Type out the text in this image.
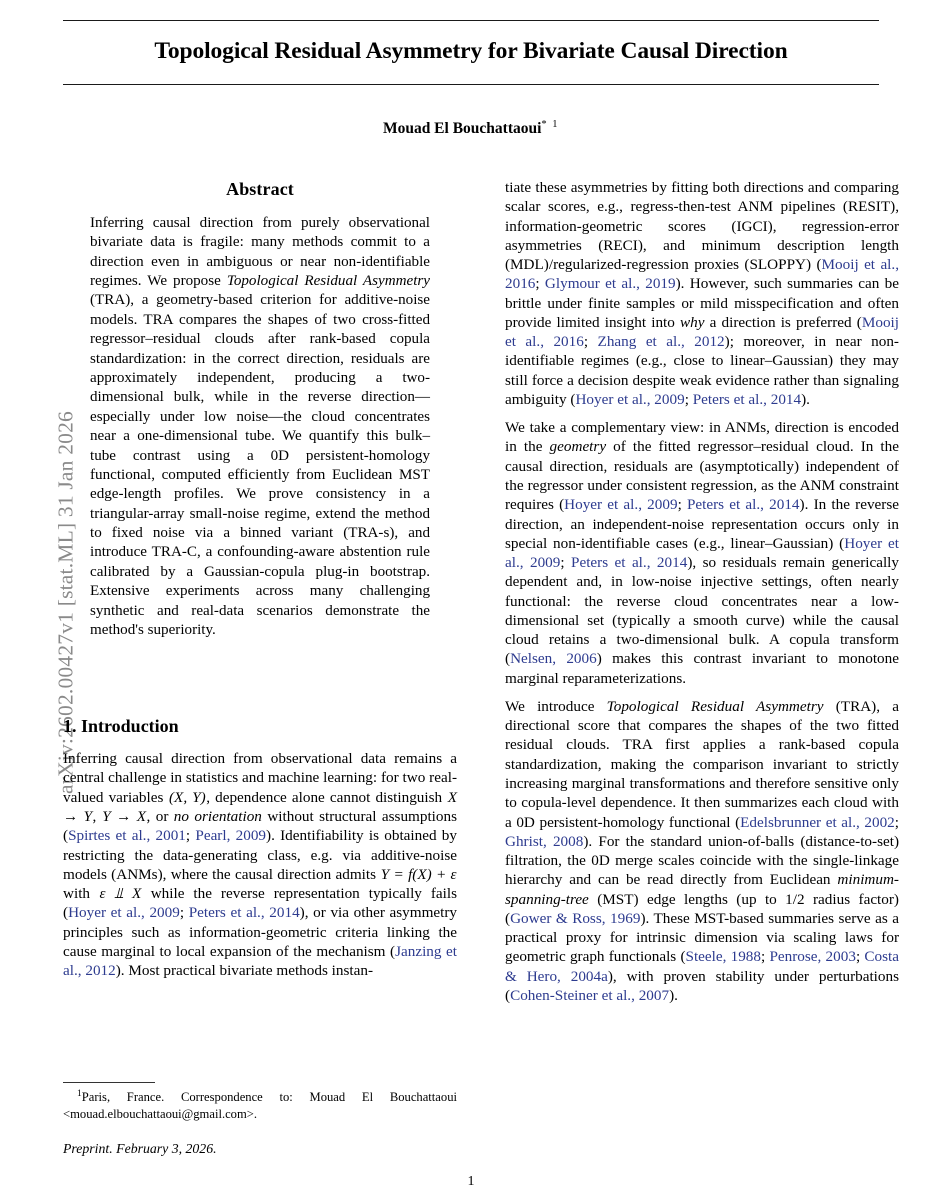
arXiv:2602.00427v1 [stat.ML] 31 Jan 2026
Topological Residual Asymmetry for Bivariate Causal Direction
Mouad El Bouchattaoui$^{* 1}$
Abstract

Inferring causal direction from purely observational bivariate data is fragile: many methods commit to a direction even in ambiguous or near non-identifiable regimes. We propose Topological Residual Asymmetry (TRA), a geometry-based criterion for additive-noise models. TRA compares the shapes of two cross-fitted regressor–residual clouds after rank-based copula standardization: in the correct direction, residuals are approximately independent, producing a two-dimensional bulk, while in the reverse direction—especially under low noise—the cloud concentrates near a one-dimensional tube. We quantify this bulk–tube contrast using a 0D persistent-homology functional, computed efficiently from Euclidean MST edge-length profiles. We prove consistency in a triangular-array small-noise regime, extend the method to fixed noise via a binned variant (TRA-s), and introduce TRA-C, a confounding-aware abstention rule calibrated by a Gaussian-copula plug-in bootstrap. Extensive experiments across many challenging synthetic and real-data scenarios demonstrate the method's superiority.

1. Introduction

Inferring causal direction from observational data remains a central challenge in statistics and machine learning: for two real-valued variables (X, Y), dependence alone cannot distinguish X → Y, Y → X, or no orientation without structural assumptions (Spirtes et al., 2001; Pearl, 2009). Identifiability is obtained by restricting the data-generating class, e.g. via additive-noise models (ANMs), where the causal direction admits Y = f(X) + ε with ε ⫫ X while the reverse representation typically fails (Hoyer et al., 2009; Peters et al., 2014), or via other asymmetry principles such as information-geometric criteria linking the cause marginal to local expansion of the mechanism (Janzing et al., 2012). Most practical bivariate methods instan-

tiate these asymmetries by fitting both directions and comparing scalar scores, e.g., regress-then-test ANM pipelines (RESIT), information-geometric scores (IGCI), regression-error asymmetries (RECI), and minimum description length (MDL)/regularized-regression proxies (SLOPPY) (Mooij et al., 2016; Glymour et al., 2019). However, such summaries can be brittle under finite samples or mild misspecification and often provide limited insight into why a direction is preferred (Mooij et al., 2016; Zhang et al., 2012); moreover, in near non-identifiable regimes (e.g., close to linear–Gaussian) they may still force a decision despite weak evidence rather than signaling ambiguity (Hoyer et al., 2009; Peters et al., 2014).

We take a complementary view: in ANMs, direction is encoded in the geometry of the fitted regressor–residual cloud. In the causal direction, residuals are (asymptotically) independent of the regressor under consistent regression, as the ANM constraint requires (Hoyer et al., 2009; Peters et al., 2014). In the reverse direction, an independent-noise representation occurs only in special non-identifiable cases (e.g., linear–Gaussian) (Hoyer et al., 2009; Peters et al., 2014), so residuals remain generically dependent and, in low-noise injective settings, often nearly functional: the reverse cloud concentrates near a low-dimensional set (typically a smooth curve) while the causal cloud retains a two-dimensional bulk. A copula transform (Nelsen, 2006) makes this contrast invariant to monotone marginal reparameterizations.

We introduce Topological Residual Asymmetry (TRA), a directional score that compares the shapes of the two fitted residual clouds. TRA first applies a rank-based copula standardization, making the comparison invariant to strictly increasing marginal transformations and therefore sensitive only to copula-level dependence. It then summarizes each cloud with a 0D persistent-homology functional (Edelsbrunner et al., 2002; Ghrist, 2008). For the standard union-of-balls (distance-to-set) filtration, the 0D merge scales coincide with the single-linkage hierarchy and can be read directly from Euclidean minimum-spanning-tree (MST) edge lengths (up to 1/2 radius factor) (Gower & Ross, 1969). These MST-based summaries serve as a practical proxy for intrinsic dimension via scaling laws for geometric graph functionals (Steele, 1988; Penrose, 2003; Costa & Hero, 2004a), with proven stability under perturbations (Cohen-Steiner et al., 2007).

$^1$Paris, France. Correspondence to: Mouad El Bouchattaoui <mouad.elbouchattaoui@gmail.com>.

Preprint. February 3, 2026.
1
